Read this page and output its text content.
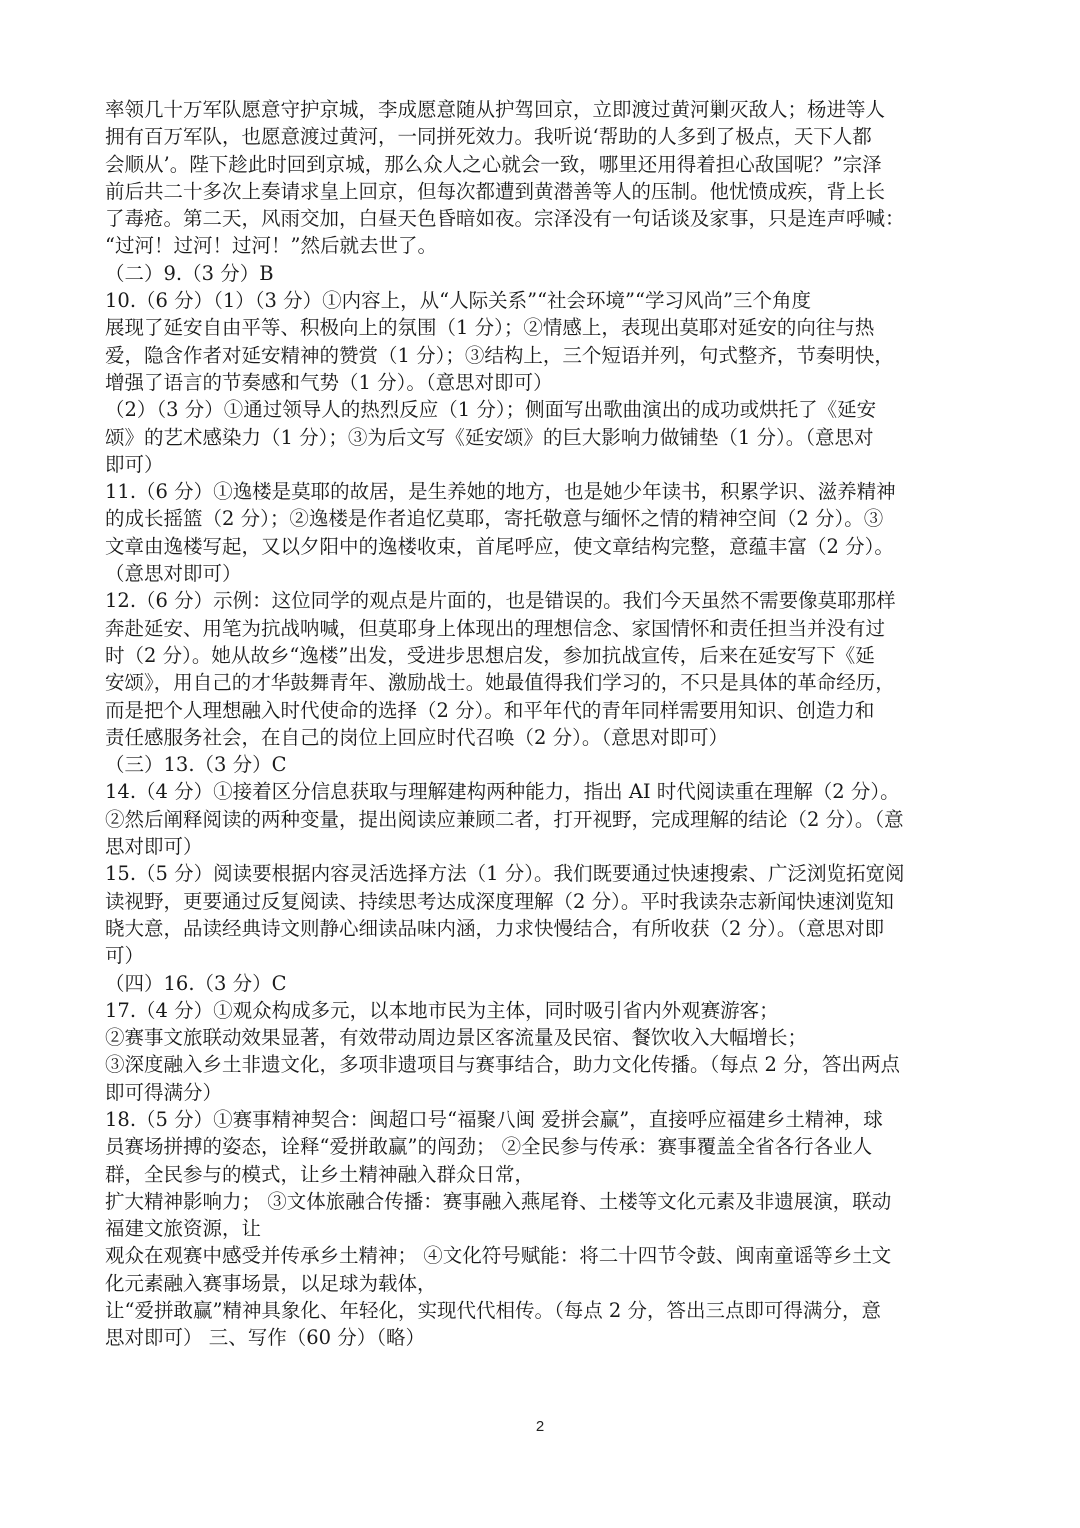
率领几十万军队愿意守护京城，李成愿意随从护驾回京，立即渡过黄河剿灭敌人；杨进等人
拥有百万军队，也愿意渡过黄河，一同拼死效力。我听说‘帮助的人多到了极点，天下人都
会顺从’。陛下趁此时回到京城，那么众人之心就会一致，哪里还用得着担心敌国呢？”宗泽
前后共二十多次上奏请求皇上回京，但每次都遭到黄潜善等人的压制。他忧愤成疾，背上长
了毒疮。第二天，风雨交加，白昼天色昏暗如夜。宗泽没有一句话谈及家事，只是连声呼喊：
“过河！过河！过河！”然后就去世了。
（二）9.（3 分）B
10.（6 分）（1）（3 分）①内容上，从“人际关系”“社会环境”“学习风尚”三个角度
展现了延安自由平等、积极向上的氛围（1 分）；②情感上，表现出莫耶对延安的向往与热
爱，隐含作者对延安精神的赞赏（1 分）；③结构上，三个短语并列，句式整齐，节奏明快，
增强了语言的节奏感和气势（1 分）。（意思对即可）
（2）（3 分）①通过领导人的热烈反应（1 分）；侧面写出歌曲演出的成功或烘托了《延安
颂》的艺术感染力（1 分）；③为后文写《延安颂》的巨大影响力做铺垫（1 分）。（意思对
即可）
11.（6 分）①逸楼是莫耶的故居，是生养她的地方，也是她少年读书，积累学识、滋养精神
的成长摇篮（2 分）；②逸楼是作者追忆莫耶，寄托敬意与缅怀之情的精神空间（2 分）。③
文章由逸楼写起，又以夕阳中的逸楼收束，首尾呼应，使文章结构完整，意蕴丰富（2 分）。
（意思对即可）
12.（6 分）示例：这位同学的观点是片面的，也是错误的。我们今天虽然不需要像莫耶那样
奔赴延安、用笔为抗战呐喊，但莫耶身上体现出的理想信念、家国情怀和责任担当并没有过
时（2 分）。她从故乡“逸楼”出发，受进步思想启发，参加抗战宣传，后来在延安写下《延
安颂》，用自己的才华鼓舞青年、激励战士。她最值得我们学习的，不只是具体的革命经历，
而是把个人理想融入时代使命的选择（2 分）。和平年代的青年同样需要用知识、创造力和
责任感服务社会，在自己的岗位上回应时代召唤（2 分）。（意思对即可）
（三）13.（3 分）C
14.（4 分）①接着区分信息获取与理解建构两种能力，指出 AI 时代阅读重在理解（2 分）。
②然后阐释阅读的两种变量，提出阅读应兼顾二者，打开视野，完成理解的结论（2 分）。（意
思对即可）
15.（5 分）阅读要根据内容灵活选择方法（1 分）。我们既要通过快速搜索、广泛浏览拓宽阅
读视野，更要通过反复阅读、持续思考达成深度理解（2 分）。平时我读杂志新闻快速浏览知
晓大意，品读经典诗文则静心细读品味内涵，力求快慢结合，有所收获（2 分）。（意思对即
可）
（四）16.（3 分）C
17.（4 分）①观众构成多元，以本地市民为主体，同时吸引省内外观赛游客；
②赛事文旅联动效果显著，有效带动周边景区客流量及民宿、餐饮收入大幅增长；
③深度融入乡土非遗文化，多项非遗项目与赛事结合，助力文化传播。（每点 2 分，答出两点
即可得满分）
18.（5 分）①赛事精神契合：闽超口号“福聚八闽 爱拼会赢”，直接呼应福建乡土精神，球
员赛场拼搏的姿态，诠释“爱拼敢赢”的闯劲； ②全民参与传承：赛事覆盖全省各行各业人
群，全民参与的模式，让乡土精神融入群众日常，
扩大精神影响力； ③文体旅融合传播：赛事融入燕尾脊、土楼等文化元素及非遗展演，联动
福建文旅资源，让
观众在观赛中感受并传承乡土精神； ④文化符号赋能：将二十四节令鼓、闽南童谣等乡土文
化元素融入赛事场景，以足球为载体，
让“爱拼敢赢”精神具象化、年轻化，实现代代相传。（每点 2 分，答出三点即可得满分，意
思对即可） 三、写作（60 分）（略）
2
